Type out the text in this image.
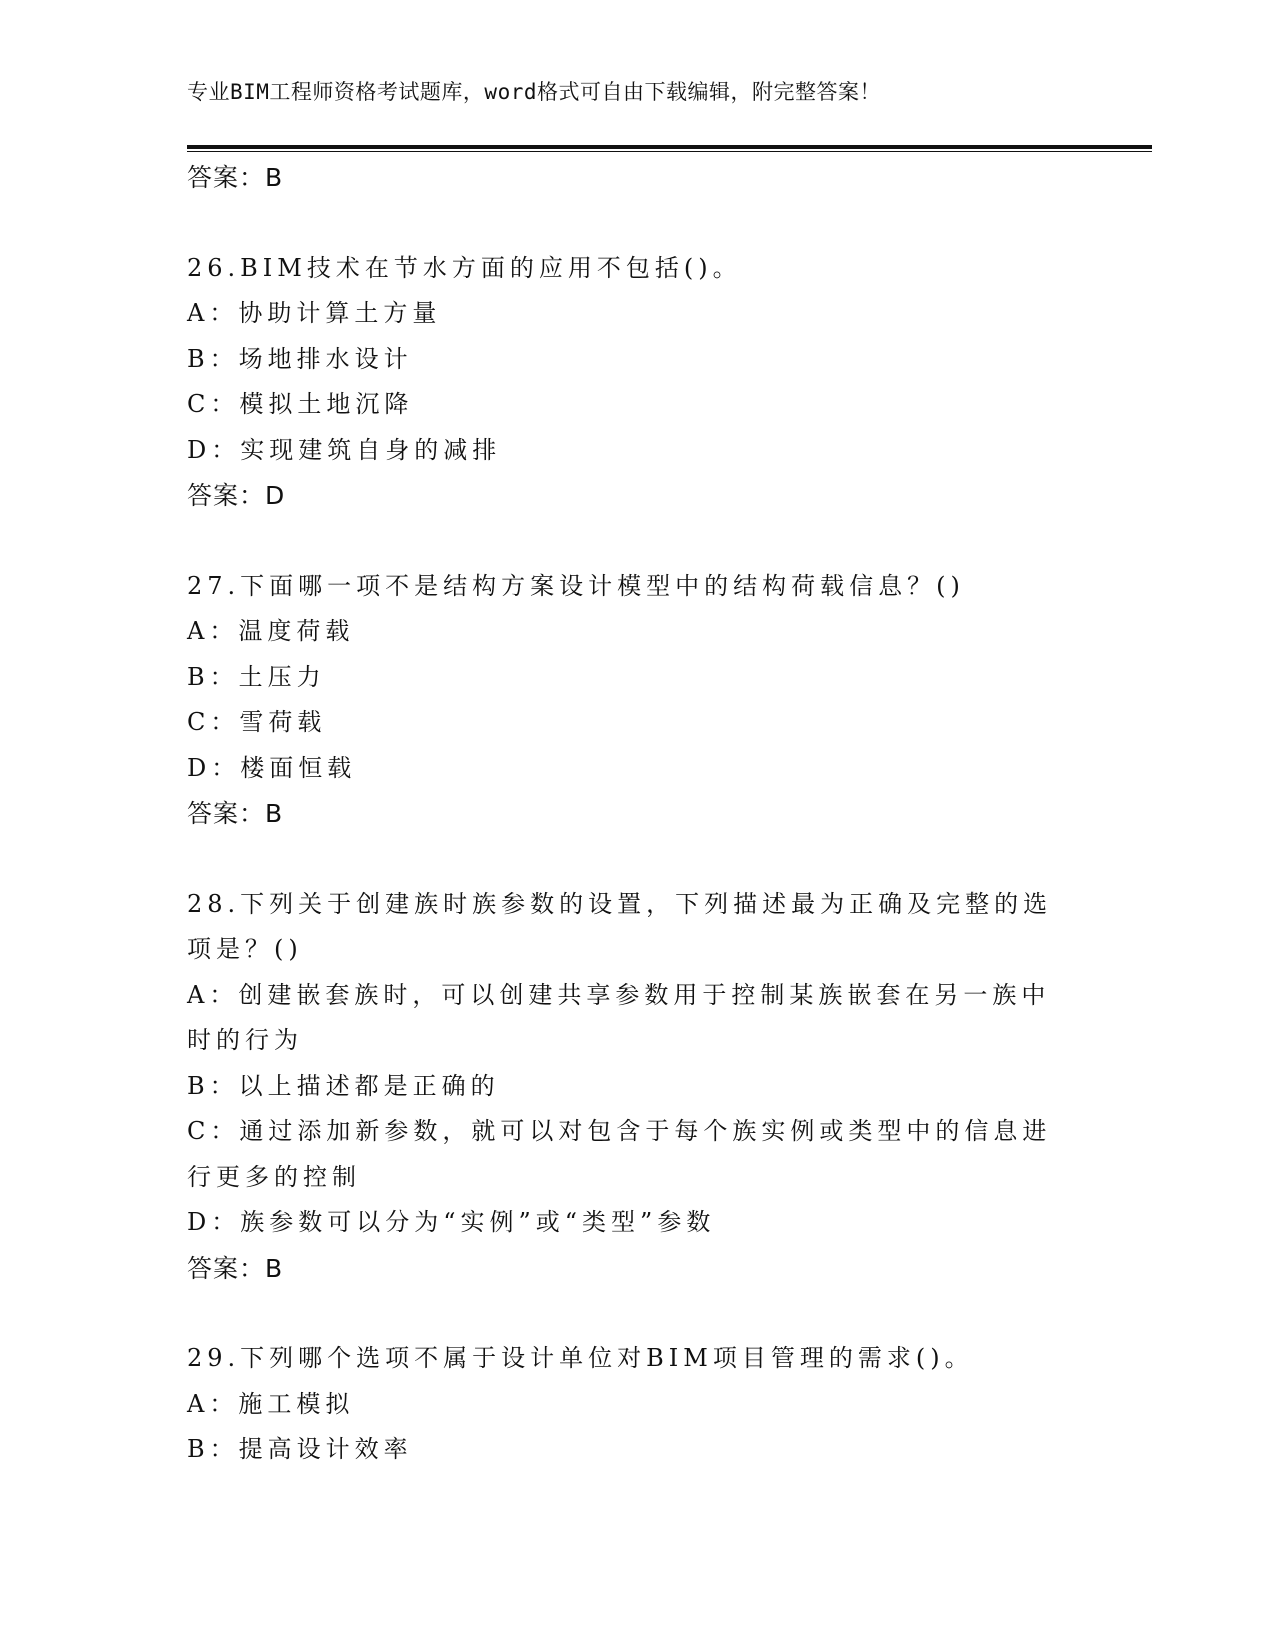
专业BIM工程师资格考试题库，word格式可自由下载编辑，附完整答案！
答案：B
26.BIM技术在节水方面的应用不包括()。
A：协助计算土方量
B：场地排水设计
C：模拟土地沉降
D：实现建筑自身的减排
答案：D
27.下面哪一项不是结构方案设计模型中的结构荷载信息？()
A：温度荷载
B：土压力
C：雪荷载
D：楼面恒载
答案：B
28.下列关于创建族时族参数的设置，下列描述最为正确及完整的选项是？()
A：创建嵌套族时，可以创建共享参数用于控制某族嵌套在另一族中时的行为
B：以上描述都是正确的
C：通过添加新参数，就可以对包含于每个族实例或类型中的信息进行更多的控制
D：族参数可以分为“实例”或“类型”参数
答案：B
29.下列哪个选项不属于设计单位对BIM项目管理的需求()。
A：施工模拟
B：提高设计效率
